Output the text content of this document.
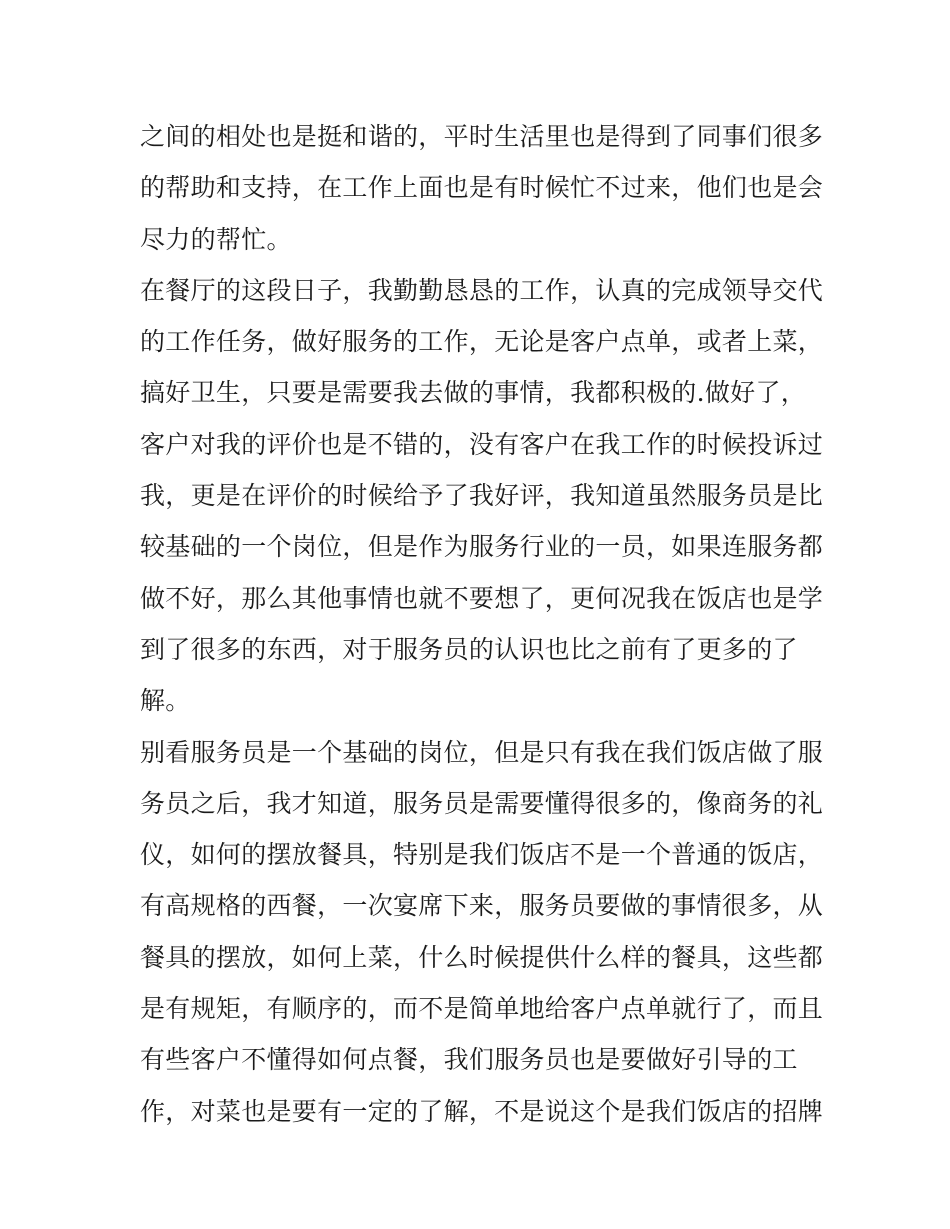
之间的相处也是挺和谐的，平时生活里也是得到了同事们很多
的帮助和支持，在工作上面也是有时候忙不过来，他们也是会
尽力的帮忙。
在餐厅的这段日子，我勤勤恳恳的工作，认真的完成领导交代
的工作任务，做好服务的工作，无论是客户点单，或者上菜，
搞好卫生，只要是需要我去做的事情，我都积极的.做好了，
客户对我的评价也是不错的，没有客户在我工作的时候投诉过
我，更是在评价的时候给予了我好评，我知道虽然服务员是比
较基础的一个岗位，但是作为服务行业的一员，如果连服务都
做不好，那么其他事情也就不要想了，更何况我在饭店也是学
到了很多的东西，对于服务员的认识也比之前有了更多的了
解。
别看服务员是一个基础的岗位，但是只有我在我们饭店做了服
务员之后，我才知道，服务员是需要懂得很多的，像商务的礼
仪，如何的摆放餐具，特别是我们饭店不是一个普通的饭店，
有高规格的西餐，一次宴席下来，服务员要做的事情很多，从
餐具的摆放，如何上菜，什么时候提供什么样的餐具，这些都
是有规矩，有顺序的，而不是简单地给客户点单就行了，而且
有些客户不懂得如何点餐，我们服务员也是要做好引导的工
作，对菜也是要有一定的了解，不是说这个是我们饭店的招牌
